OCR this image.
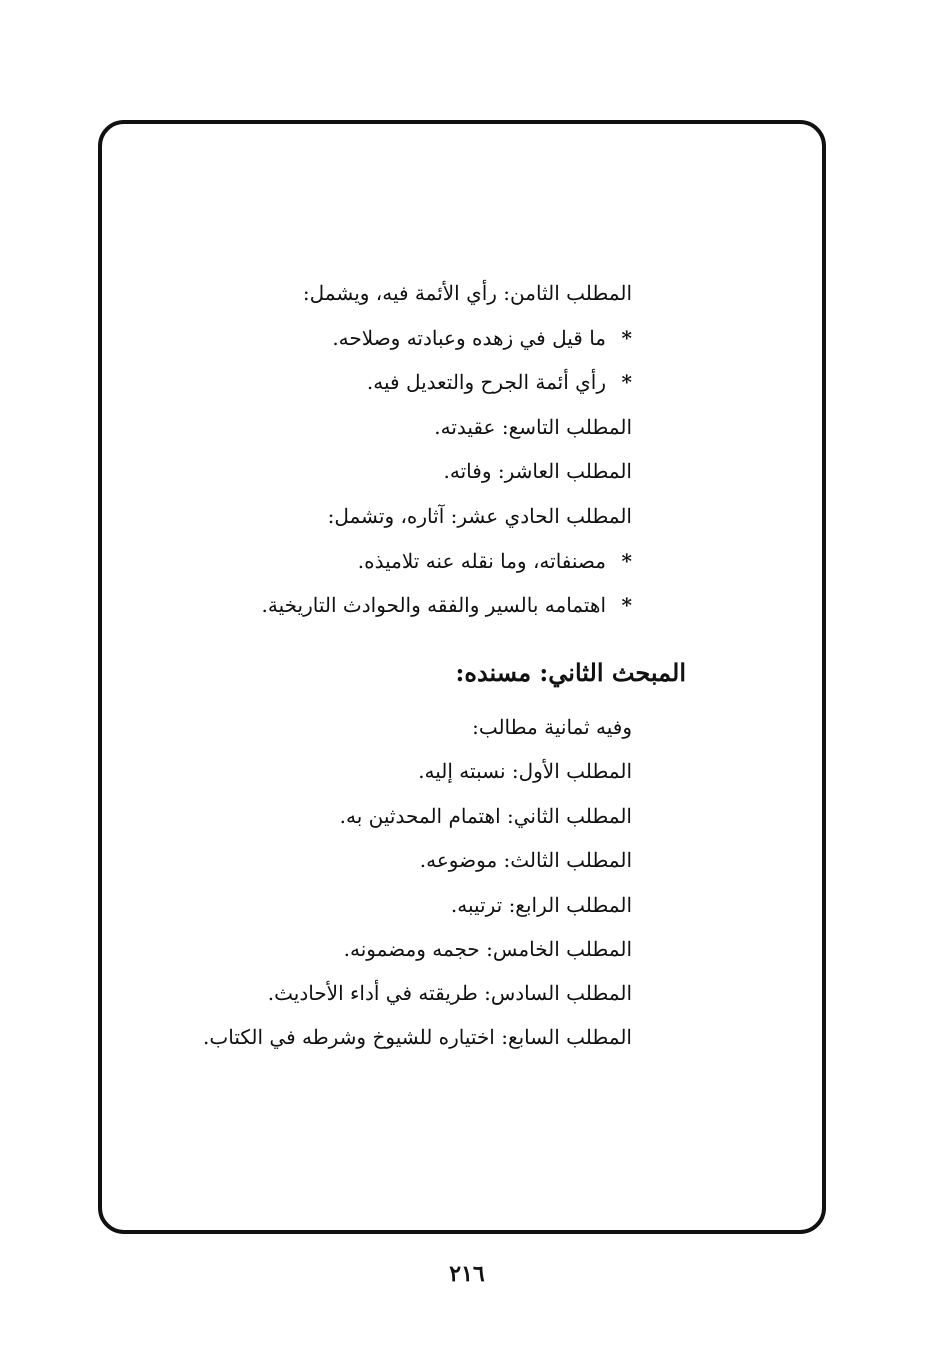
المطلب الثامن: رأي الأئمة فيه، ويشمل:
*ما قيل في زهده وعبادته وصلاحه.
*رأي أئمة الجرح والتعديل فيه.
المطلب التاسع: عقيدته.
المطلب العاشر: وفاته.
المطلب الحادي عشر: آثاره، وتشمل:
*مصنفاته، وما نقله عنه تلاميذه.
*اهتمامه بالسير والفقه والحوادث التاريخية.
المبحث الثاني: مسنده:
وفيه ثمانية مطالب:
المطلب الأول: نسبته إليه.
المطلب الثاني: اهتمام المحدثين به.
المطلب الثالث: موضوعه.
المطلب الرابع: ترتيبه.
المطلب الخامس: حجمه ومضمونه.
المطلب السادس: طريقته في أداء الأحاديث.
المطلب السابع: اختياره للشيوخ وشرطه في الكتاب.
٢١٦
